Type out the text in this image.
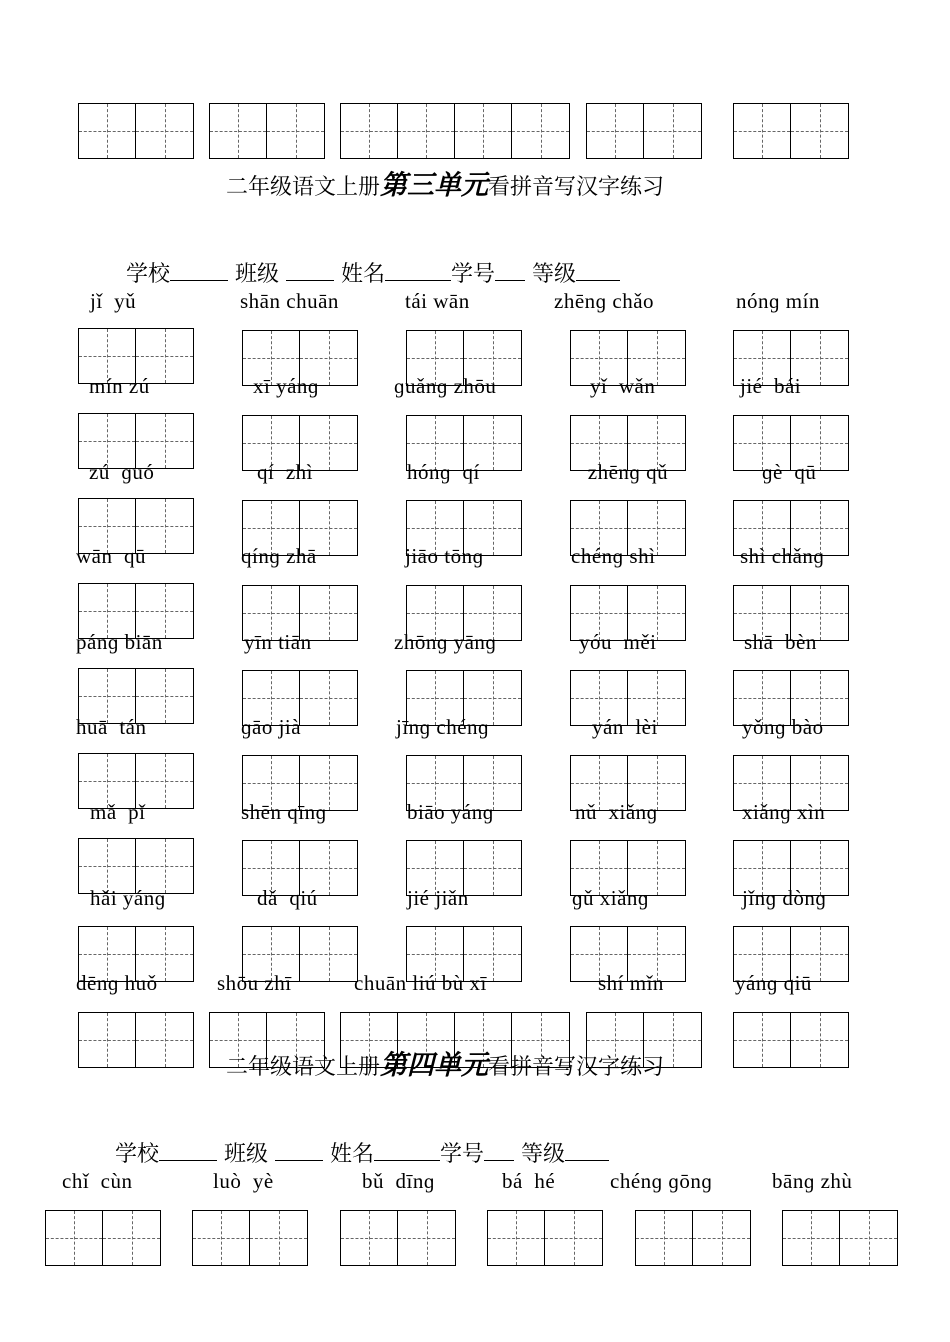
二年级语文上册第三单元看拼音写汉字练习

学校	班级	姓名	学号 等级

jǐ  yǔ	shān chuān	tái wān	zhēnɡ chǎo	nónɡ mín
mín zú	xī yánɡ	ɡuǎnɡ zhōu	yǐ  wǎn	jié  bái
zú  ɡuó	qí  zhì	hónɡ  qí	zhēnɡ qǔ	ɡè  qū
wān  qū	qínɡ zhā	jiāo tōnɡ	chénɡ shì	shì chǎnɡ
pánɡ biān	yīn tiān	zhōnɡ yānɡ	yóu  měi	shā  bèn
huā  tán	ɡāo jià	jīnɡ chénɡ	yán  lèi	yǒnɡ bào
mǎ  pǐ	shēn qīnɡ	biāo yánɡ	nǔ  xiǎnɡ	xiǎnɡ xìn
hǎi yánɡ	dǎ  qiú	jié jiǎn	ɡǔ xiǎnɡ	jǐnɡ dònɡ
dēnɡ huǒ	shōu zhī	chuān liú bù xī	shí mǐn	yánɡ qiū
二年级语文上册第四单元看拼音写汉字练习

学校	班级	姓名	学号 等级

chǐ  cùn	luò  yè	bǔ  dīnɡ	bá  hé	chénɡ ɡōnɡ	bānɡ zhù
